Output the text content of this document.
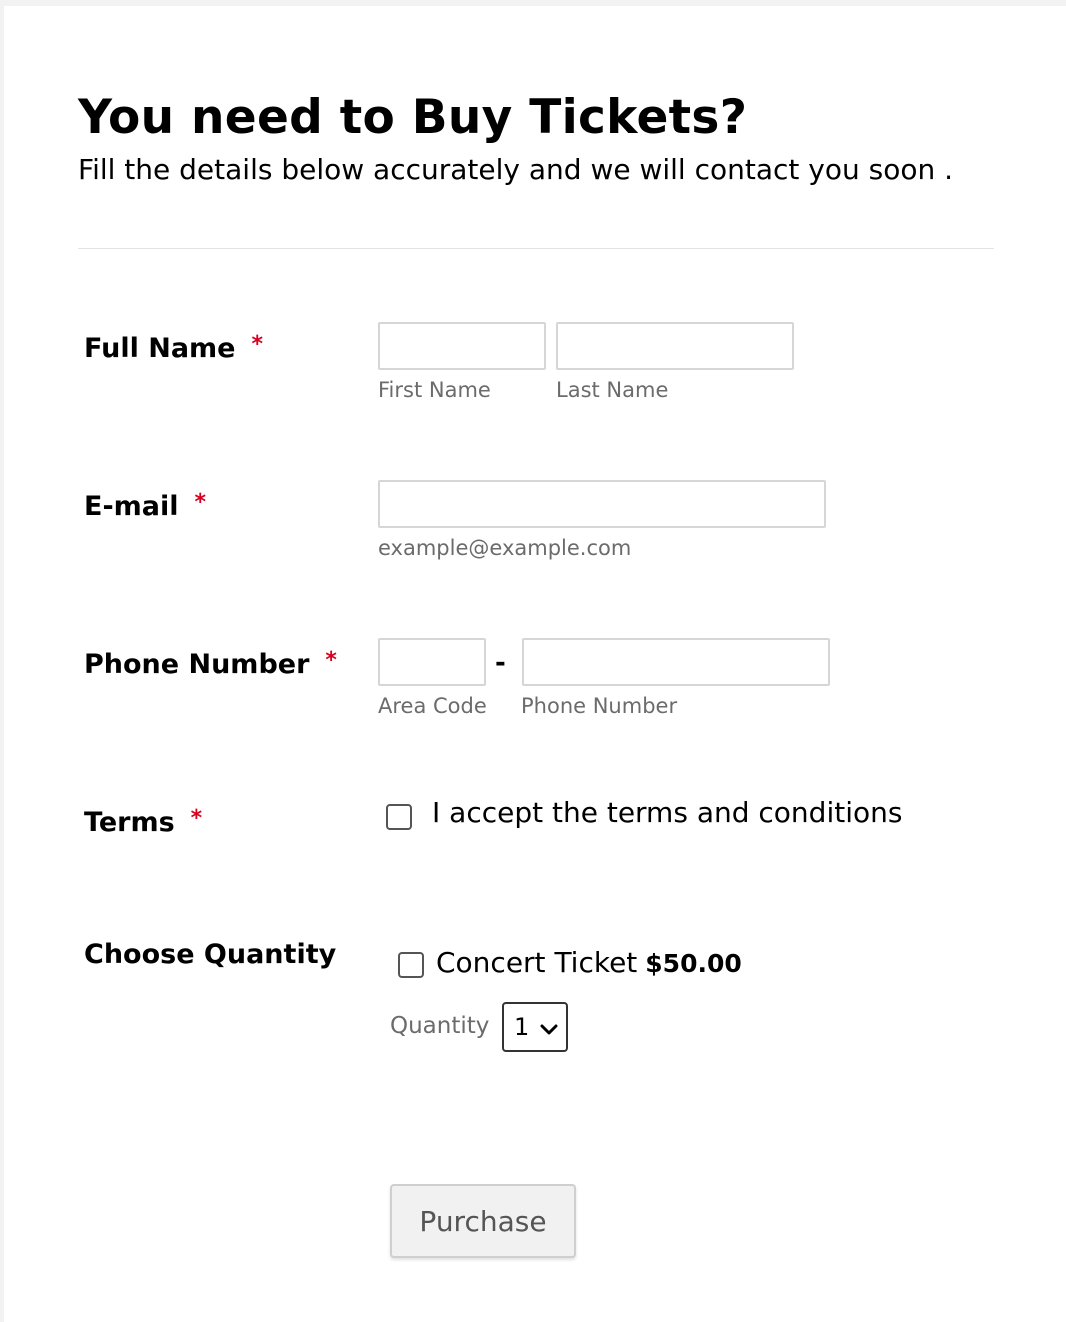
You need to Buy Tickets?

Fill the details below accurately and we will contact you soon .

Full Name *
First Name	Last Name
E-mail *
example@example.com
Phone Number *	-
Area Code Phone Number
Terms *	I accept the terms and conditions
Choose Quantity	Concert Ticket $50.00
Quantity 1
Purchase
